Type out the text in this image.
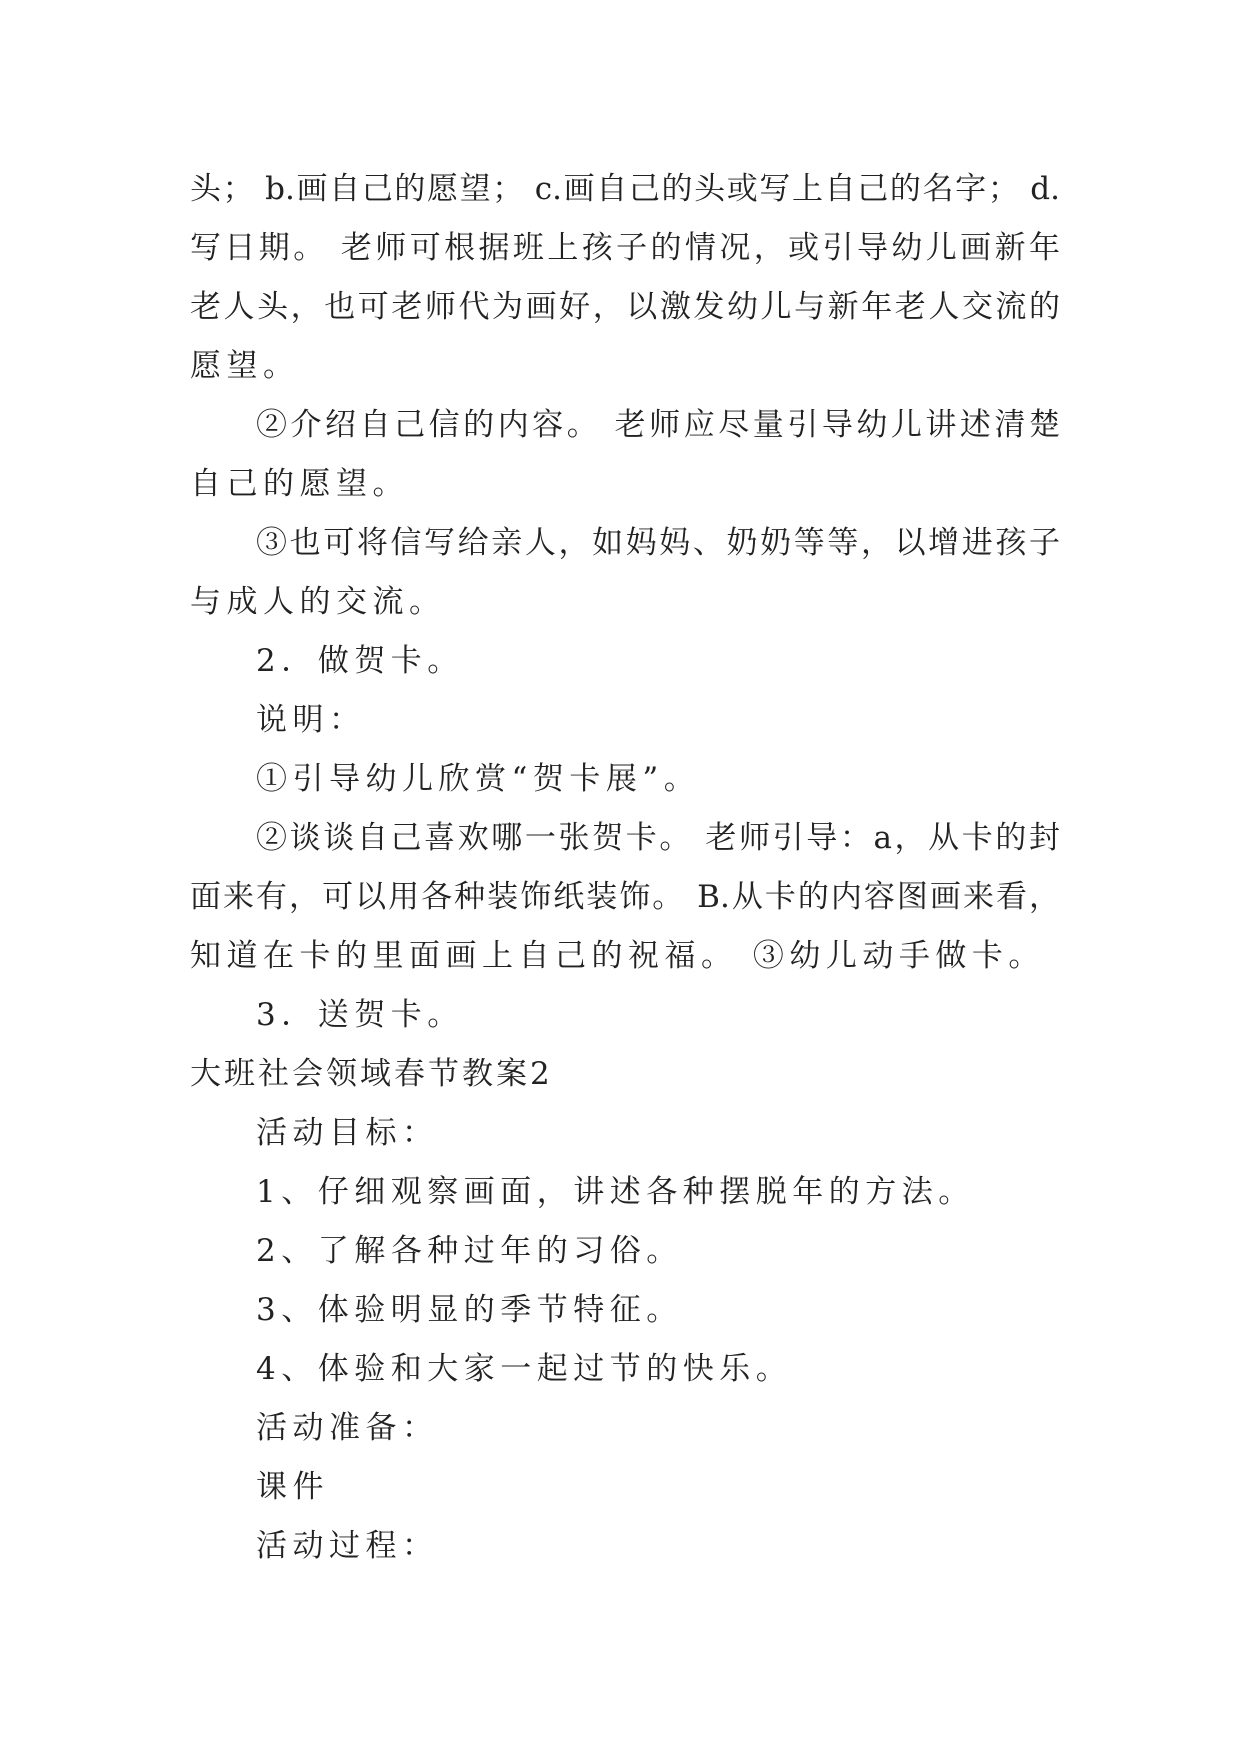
头； b.画自己的愿望； c.画自己的头或写上自己的名字； d.
写日期。 老师可根据班上孩子的情况，或引导幼儿画新年
老人头，也可老师代为画好，以激发幼儿与新年老人交流的
愿望。
②介绍自己信的内容。 老师应尽量引导幼儿讲述清楚
自己的愿望。
③也可将信写给亲人，如妈妈、奶奶等等，以增进孩子
与成人的交流。
2．做贺卡。
说明：
①引导幼儿欣赏“贺卡展”。
②谈谈自己喜欢哪一张贺卡。 老师引导：a，从卡的封
面来有，可以用各种装饰纸装饰。 B.从卡的内容图画来看，
知道在卡的里面画上自己的祝福。 ③幼儿动手做卡。
3．送贺卡。
大班社会领域春节教案2
活动目标：
1、仔细观察画面，讲述各种摆脱年的方法。
2、了解各种过年的习俗。
3、体验明显的季节特征。
4、体验和大家一起过节的快乐。
活动准备：
课件
活动过程：
